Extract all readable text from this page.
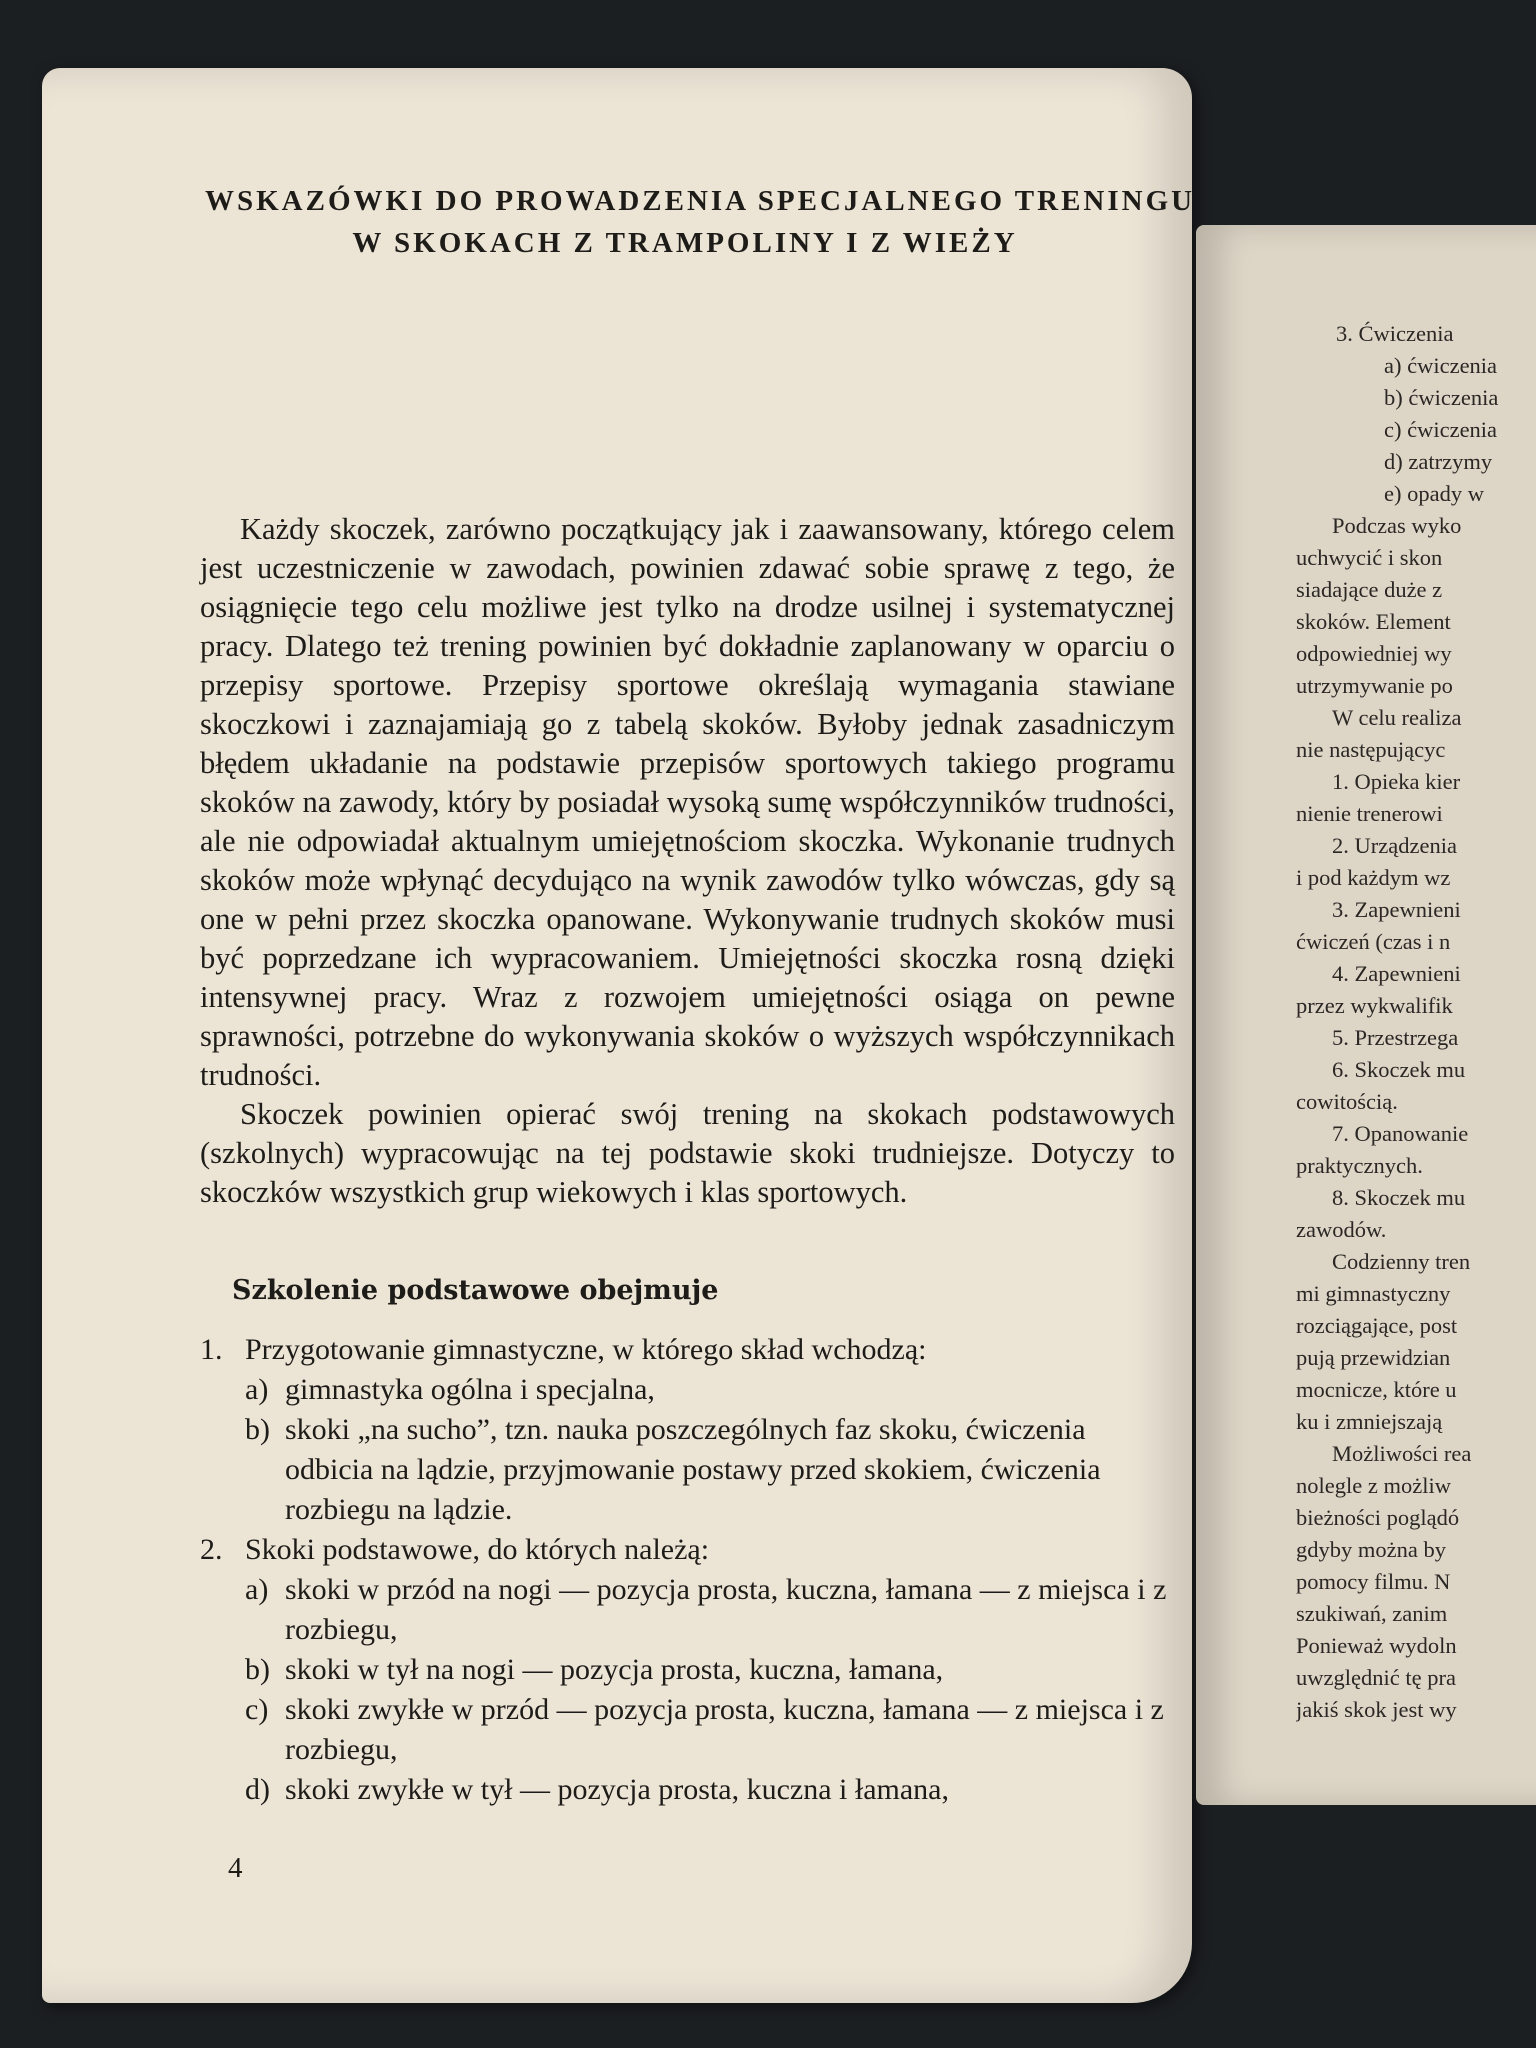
WSKAZÓWKI DO PROWADZENIA SPECJALNEGO TRENINGU
W SKOKACH Z TRAMPOLINY I Z WIEŻY

Każdy skoczek, zarówno początkujący jak i zaawansowany, którego celem jest uczestniczenie w zawodach, powinien zdawać sobie sprawę z tego, że osiągnięcie tego celu możliwe jest tylko na drodze usilnej i systematycznej pracy. Dlatego też trening powinien być dokładnie zaplanowany w oparciu o przepisy sportowe. Przepisy sportowe określają wymagania stawiane skoczkowi i zaznajamiają go z tabelą skoków. Byłoby jednak zasadniczym błędem układanie na podstawie przepisów sportowych takiego programu skoków na zawody, który by posiadał wysoką sumę współczynników trudności, ale nie odpowiadał aktualnym umiejętnościom skoczka. Wykonanie trudnych skoków może wpłynąć decydująco na wynik zawodów tylko wówczas, gdy są one w pełni przez skoczka opanowane. Wykonywanie trudnych skoków musi być poprzedzane ich wypracowaniem. Umiejętności skoczka rosną dzięki intensywnej pracy. Wraz z rozwojem umiejętności osiąga on pewne sprawności, potrzebne do wykonywania skoków o wyższych współczynnikach trudności.

Skoczek powinien opierać swój trening na skokach podstawowych (szkolnych) wypracowując na tej podstawie skoki trudniejsze. Dotyczy to skoczków wszystkich grup wiekowych i klas sportowych.

Szkolenie podstawowe obejmuje
1. Przygotowanie gimnastyczne, w którego skład wchodzą:
a) gimnastyka ogólna i specjalna,
b) skoki „na sucho”, tzn. nauka poszczególnych faz skoku, ćwiczenia odbicia na lądzie, przyjmowanie postawy przed skokiem, ćwiczenia rozbiegu na lądzie.
2. Skoki podstawowe, do których należą:
a) skoki w przód na nogi — pozycja prosta, kuczna, łamana — z miejsca i z rozbiegu,
b) skoki w tył na nogi — pozycja prosta, kuczna, łamana,
c) skoki zwykłe w przód — pozycja prosta, kuczna, łamana — z miejsca i z rozbiegu,
d) skoki zwykłe w tył — pozycja prosta, kuczna i łamana,
4
3. Ćwiczenia
a) ćwiczenia
b) ćwiczenia
c) ćwiczenia
d) zatrzymy
e) opady w
Podczas wyko
uchwycić i skon
siadające duże z
skoków. Element
odpowiedniej wy
utrzymywanie po
W celu realiza
nie następującyc
1. Opieka kier
nienie trenerowi
2. Urządzenia
i pod każdym wz
3. Zapewnieni
ćwiczeń (czas i n
4. Zapewnieni
przez wykwalifik
5. Przestrzega
6. Skoczek mu
cowitością.
7. Opanowanie
praktycznych.
8. Skoczek mu
zawodów.
Codzienny tren
mi gimnastyczny
rozciągające, post
pują przewidzian
mocnicze, które u
ku i zmniejszają
Możliwości rea
nolegle z możliw
bieżności poglądó
gdyby można by
pomocy filmu. N
szukiwań, zanim
Ponieważ wydoln
uwzględnić tę pra
jakiś skok jest wy
